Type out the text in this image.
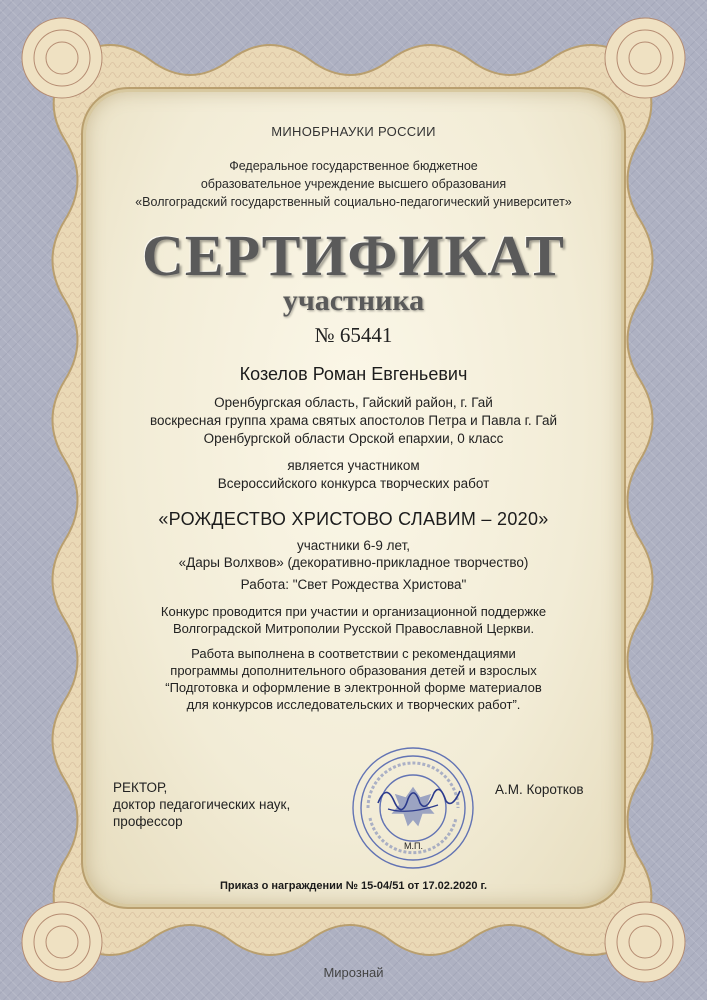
МИНОБРНАУКИ РОССИИ
Федеральное государственное бюджетное
образовательное учреждение высшего образования
«Волгоградский государственный социально-педагогический университет»
СЕРТИФИКАТ
участника
№ 65441
Козелов Роман Евгеньевич
Оренбургская область, Гайский район, г. Гай
воскресная группа храма святых апостолов Петра и Павла г. Гай
Оренбургской области Орской епархии, 0 класс
является участником
Всероссийского конкурса творческих работ
«РОЖДЕСТВО ХРИСТОВО СЛАВИМ – 2020»
участники 6-9 лет,
«Дары Волхвов» (декоративно-прикладное творчество)
Работа: "Свет Рождества Христова"
Конкурс проводится при участии и организационной поддержке
Волгоградской Митрополии Русской Православной Церкви.
Работа выполнена в соответствии с рекомендациями
программы дополнительного образования детей и взрослых
“Подготовка и оформление в электронной форме материалов
для конкурсов исследовательских и творческих работ”.
РЕКТОР,
доктор педагогических наук,
профессор
М.П.
А.М. Коротков
Приказ о награждении № 15-04/51 от 17.02.2020 г.
Мирознай
